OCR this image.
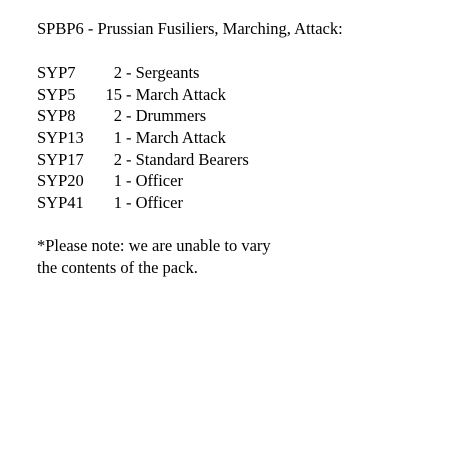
SPBP6 - Prussian Fusiliers, Marching, Attack:
SYP7 2 - Sergeants
SYP5 15 - March Attack
SYP8 2 - Drummers
SYP13 1 - March Attack
SYP17 2 - Standard Bearers
SYP20 1 - Officer
SYP41 1 - Officer
*Please note: we are unable to vary
the contents of the pack.
